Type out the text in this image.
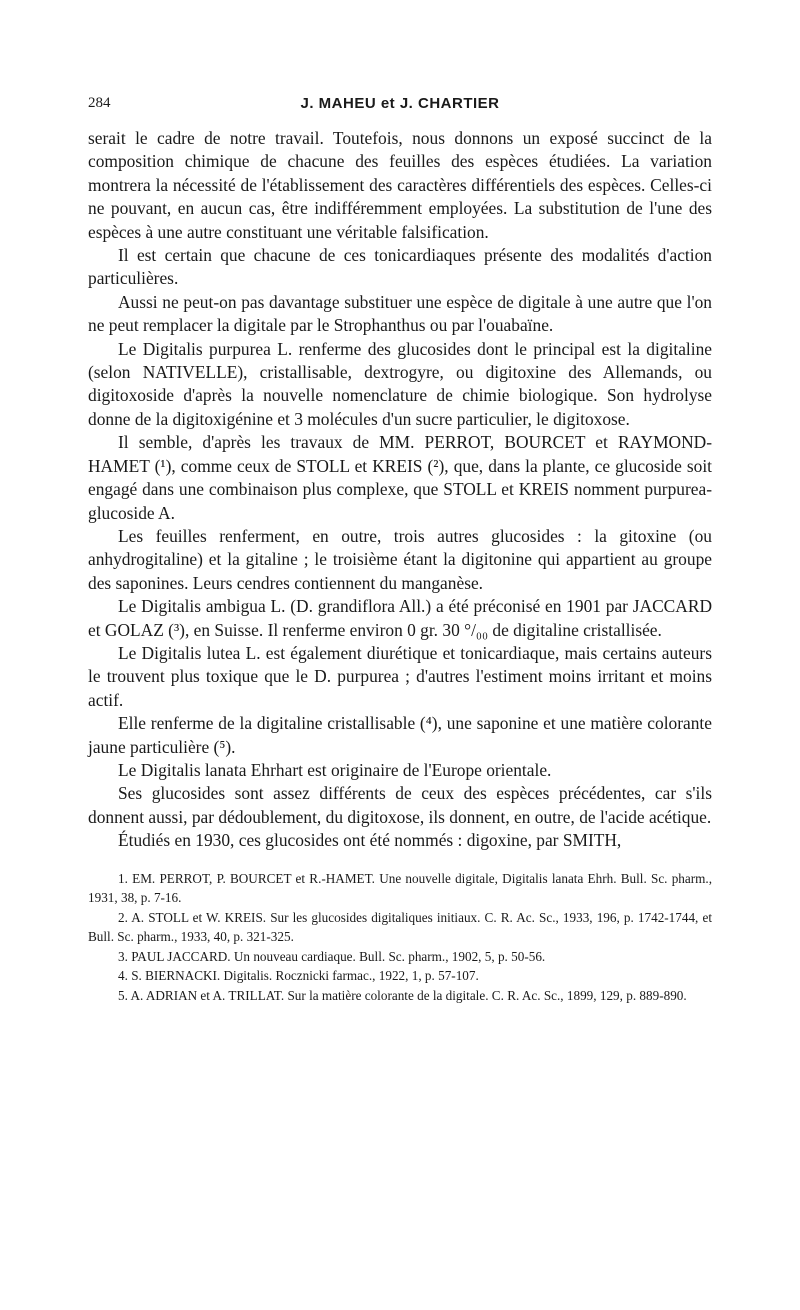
284	J. MAHEU et J. CHARTIER

serait le cadre de notre travail. Toutefois, nous donnons un exposé succinct de la composition chimique de chacune des feuilles des espèces étudiées. La variation montrera la nécessité de l'établissement des caractères différentiels des espèces. Celles-ci ne pouvant, en aucun cas, être indifféremment employées. La substitution de l'une des espèces à une autre constituant une véritable falsification.

Il est certain que chacune de ces tonicardiaques présente des modalités d'action particulières.

Aussi ne peut-on pas davantage substituer une espèce de digitale à une autre que l'on ne peut remplacer la digitale par le Strophanthus ou par l'ouabaïne.

Le Digitalis purpurea L. renferme des glucosides dont le principal est la digitaline (selon NATIVELLE), cristallisable, dextrogyre, ou digitoxine des Allemands, ou digitoxoside d'après la nouvelle nomenclature de chimie biologique. Son hydrolyse donne de la digitoxigénine et 3 molécules d'un sucre particulier, le digitoxose.

Il semble, d'après les travaux de MM. PERROT, BOURCET et RAYMOND-HAMET (¹), comme ceux de STOLL et KREIS (²), que, dans la plante, ce glucoside soit engagé dans une combinaison plus complexe, que STOLL et KREIS nomment purpurea-glucoside A.

Les feuilles renferment, en outre, trois autres glucosides : la gitoxine (ou anhydrogitaline) et la gitaline ; le troisième étant la digitonine qui appartient au groupe des saponines. Leurs cendres contiennent du manganèse.

Le Digitalis ambigua L. (D. grandiflora All.) a été préconisé en 1901 par JACCARD et GOLAZ (³), en Suisse. Il renferme environ 0 gr. 30 °/₀₀ de digitaline cristallisée.

Le Digitalis lutea L. est également diurétique et tonicardiaque, mais certains auteurs le trouvent plus toxique que le D. purpurea ; d'autres l'estiment moins irritant et moins actif.

Elle renferme de la digitaline cristallisable (⁴), une saponine et une matière colorante jaune particulière (⁵).

Le Digitalis lanata Ehrhart est originaire de l'Europe orientale.

Ses glucosides sont assez différents de ceux des espèces précédentes, car s'ils donnent aussi, par dédoublement, du digitoxose, ils donnent, en outre, de l'acide acétique.

Étudiés en 1930, ces glucosides ont été nommés : digoxine, par SMITH,

1. EM. PERROT, P. BOURCET et R.-HAMET. Une nouvelle digitale, Digitalis lanata Ehrh. Bull. Sc. pharm., 1931, 38, p. 7-16.

2. A. STOLL et W. KREIS. Sur les glucosides digitaliques initiaux. C. R. Ac. Sc., 1933, 196, p. 1742-1744, et Bull. Sc. pharm., 1933, 40, p. 321-325.

3. PAUL JACCARD. Un nouveau cardiaque. Bull. Sc. pharm., 1902, 5, p. 50-56.

4. S. BIERNACKI. Digitalis. Rocznicki farmac., 1922, 1, p. 57-107.

5. A. ADRIAN et A. TRILLAT. Sur la matière colorante de la digitale. C. R. Ac. Sc., 1899, 129, p. 889-890.
